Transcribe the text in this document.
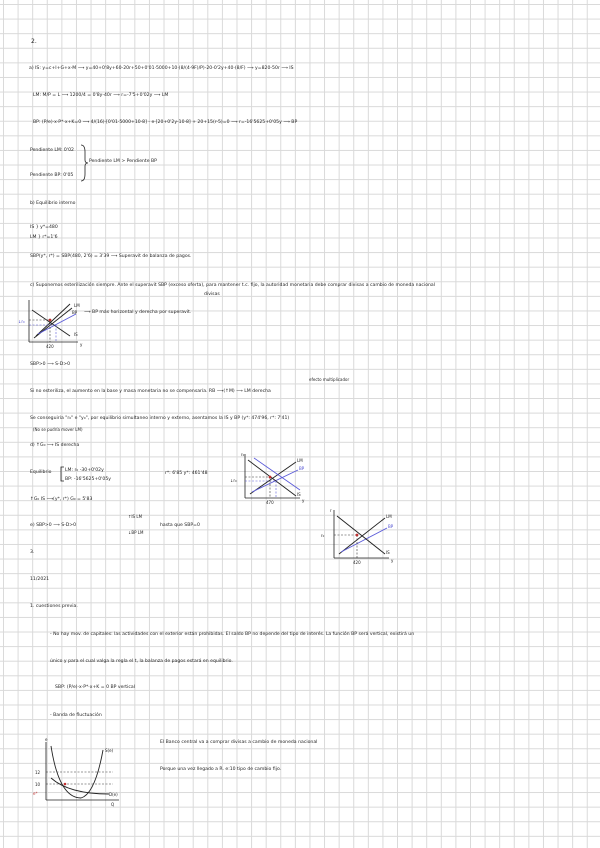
2.
a) IS: y=c+I+G+x-M ⟶ y=40+0'8y+60-20r+50+0'01·5000+10·(8/(4·9F)/P)-20-0'2y+40·(8/F) ⟶ y=820-50r ⟶ IS
LM: M/P = L ⟶ 1200/4 = 0'8y-40r ⟶ r=-7'5+0'02y ⟶ LM
BP: (P/e)·x·P*·x+K=0 ⟶ 4/(16)·[0'01·5000+10·8] - e·[20+0'2y-10·8] + 20+15(r-5)=0 ⟶ r=-16'5625+0'05y ⟶ BP
Pendiente LM: 0'02
Pendiente BP: 0'05
Pendiente LM > Pendiente BP
b) Equilibrio interno
IS } y*=480
LM } r*=1'6
SBP(y*, r*) = SBP(480, 2'6) = 3'39 ⟶ Superavit de balanza de pagos.
c) Suponemos esterilización siempre. Ante el superavit SBP (exceso oferta), para mantener t.c. fijo, la autoridad monetaria debe comprar divisas a cambio de moneda nacional
divisas
↓r₀
420
LM
BP
IS
y
⟶ BP más horizontal y derecha por superavit.
SBP>0 ⟶ S-D>0
efecto multiplicador
Si no esteriliza, el aumento en la base y masa monetaria no se compensaría. RB ⟶(↑M) ⟶ LM derecha
Se conseguiría "r₀" e "y₀", por equilibrio simultaneo interno y externo, asentamos la IS y BP (y*: 474'96, r*: 7'41)
(No se pudría mover LM)
d) ↑G₀ ⟶ IS derecha
Equilibrio	LM: r₀ -30+0'02y
BP: -16'5625+0'05y
r*: 6'85 y*: 461'48
↑G₀ IS ⟶(y*, r*) G₀ = 5'83
r₀
↓r₀
470
LM
BP
IS
y
e) SBP>0 ⟶ S-D>0
↑IS LM
↓BP LM
hasta que SBP=0
r
r₀
420
LM
BP
IS
y
3.
11/2021
1. cuestiones previa.
- No hay mov. de capitales: las actividades con el exterior están prohibidas. El saldo BP no depende del tipo de interés. La función BP será vertical, existirá un
único y para el cual valga la regla el t, la balanza de pagos estará en equilibrio.
SBP: (P/e)·x·P*·x+K = 0 BP vertical
- Banda de fluctuación
e
12
10
e*
S(e)
D(e)
Q
El Banco central va a comprar divisas a cambio de moneda nacional
Porque una vez llegado a R. e:10 tipo de cambio fijo.
